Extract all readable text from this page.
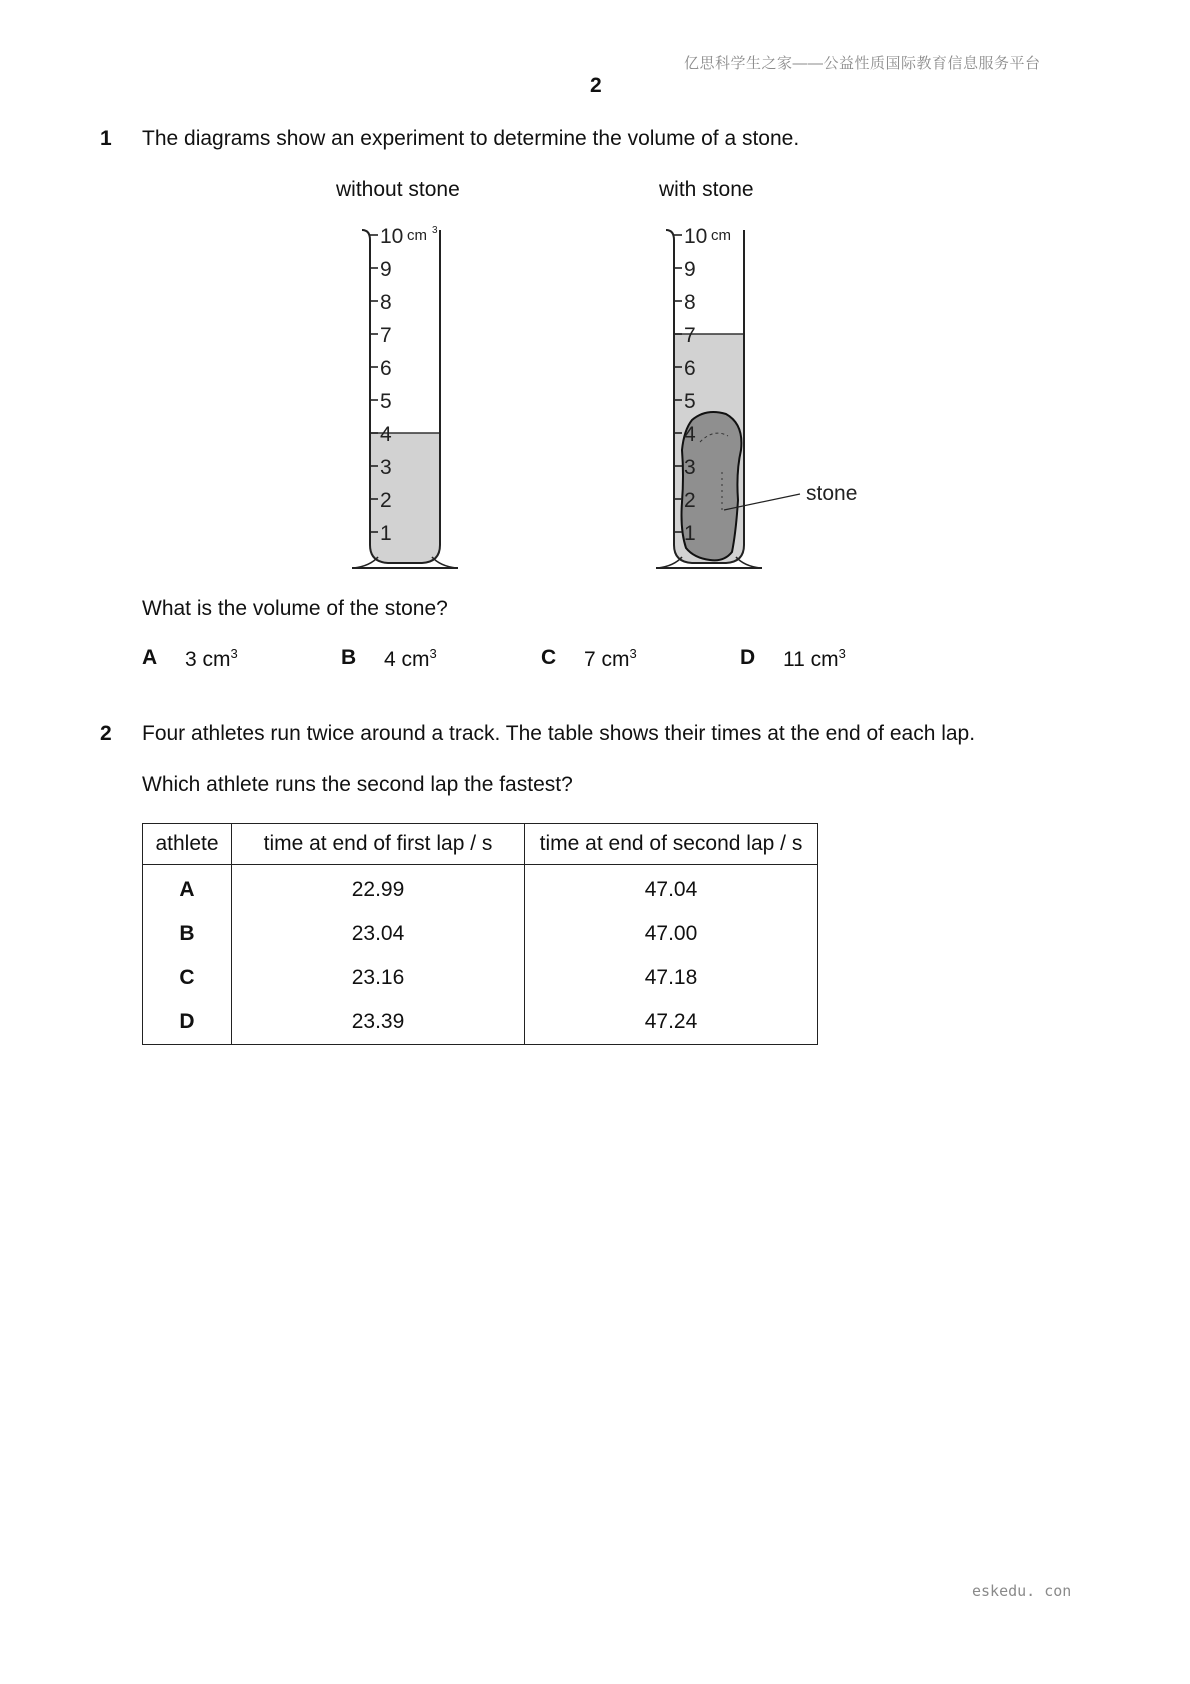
亿思科学生之家——公益性质国际教育信息服务平台
2
1 The diagrams show an experiment to determine the volume of a stone.
without stone	with stone
10
9
8
7
6
5
4
3
2
1
cm 3	10
9
8
7
6
5
4
3
2
1
cm
stone
What is the volume of the stone?
A 3 $cm^3$	B 4 $cm^3$	C 7 $cm^3$	D 11 $cm^3$
2 Four athletes run twice around a track. The table shows their times at the end of each lap.
Which athlete runs the second lap the fastest?
athlete	time at end of first lap / s	time at end of second lap / s
A	22.99	47.04
B	23.04	47.00
C	23.16	47.18
D	23.39	47.24
eskedu. con
